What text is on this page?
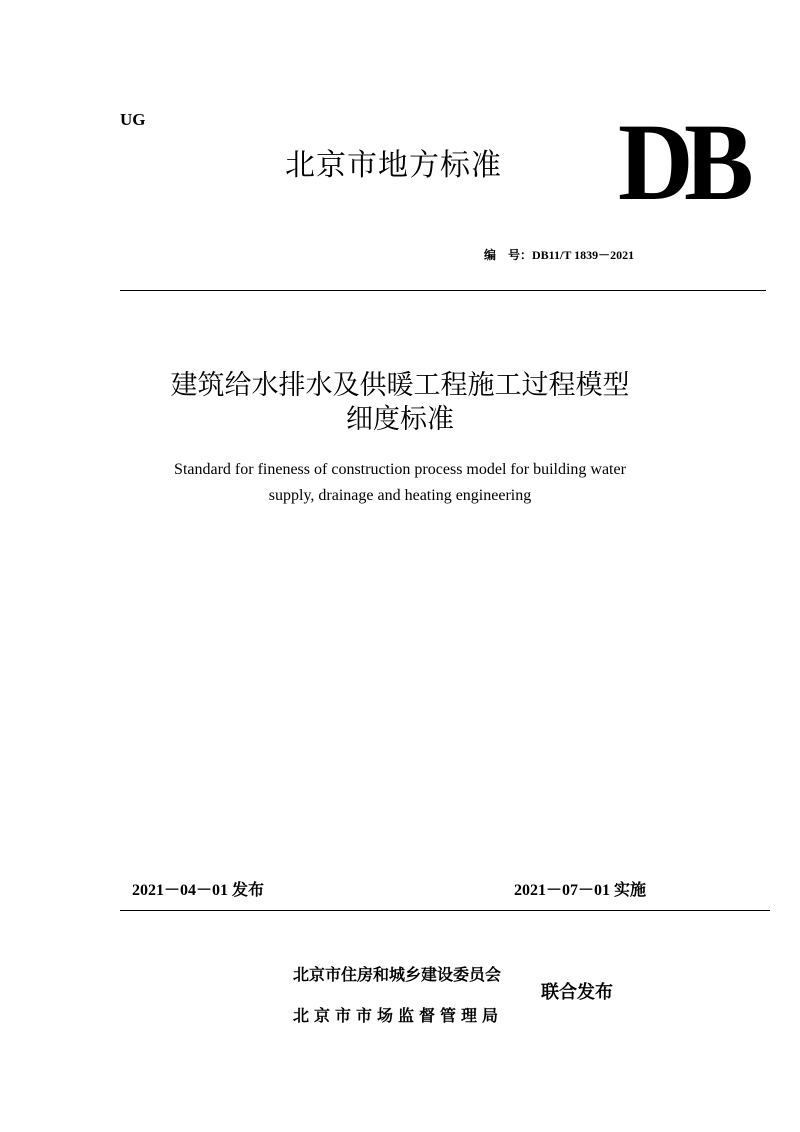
UG
北京市地方标准 DB
编　号：DB11/T 1839－2021
建筑给水排水及供暖工程施工过程模型
细度标准
Standard for fineness of construction process model for building water
supply, drainage and heating engineering
2021－04－01 发布	2021－07－01 实施
北京市住房和城乡建设委员会
北京市市场监督管理局
联合发布
